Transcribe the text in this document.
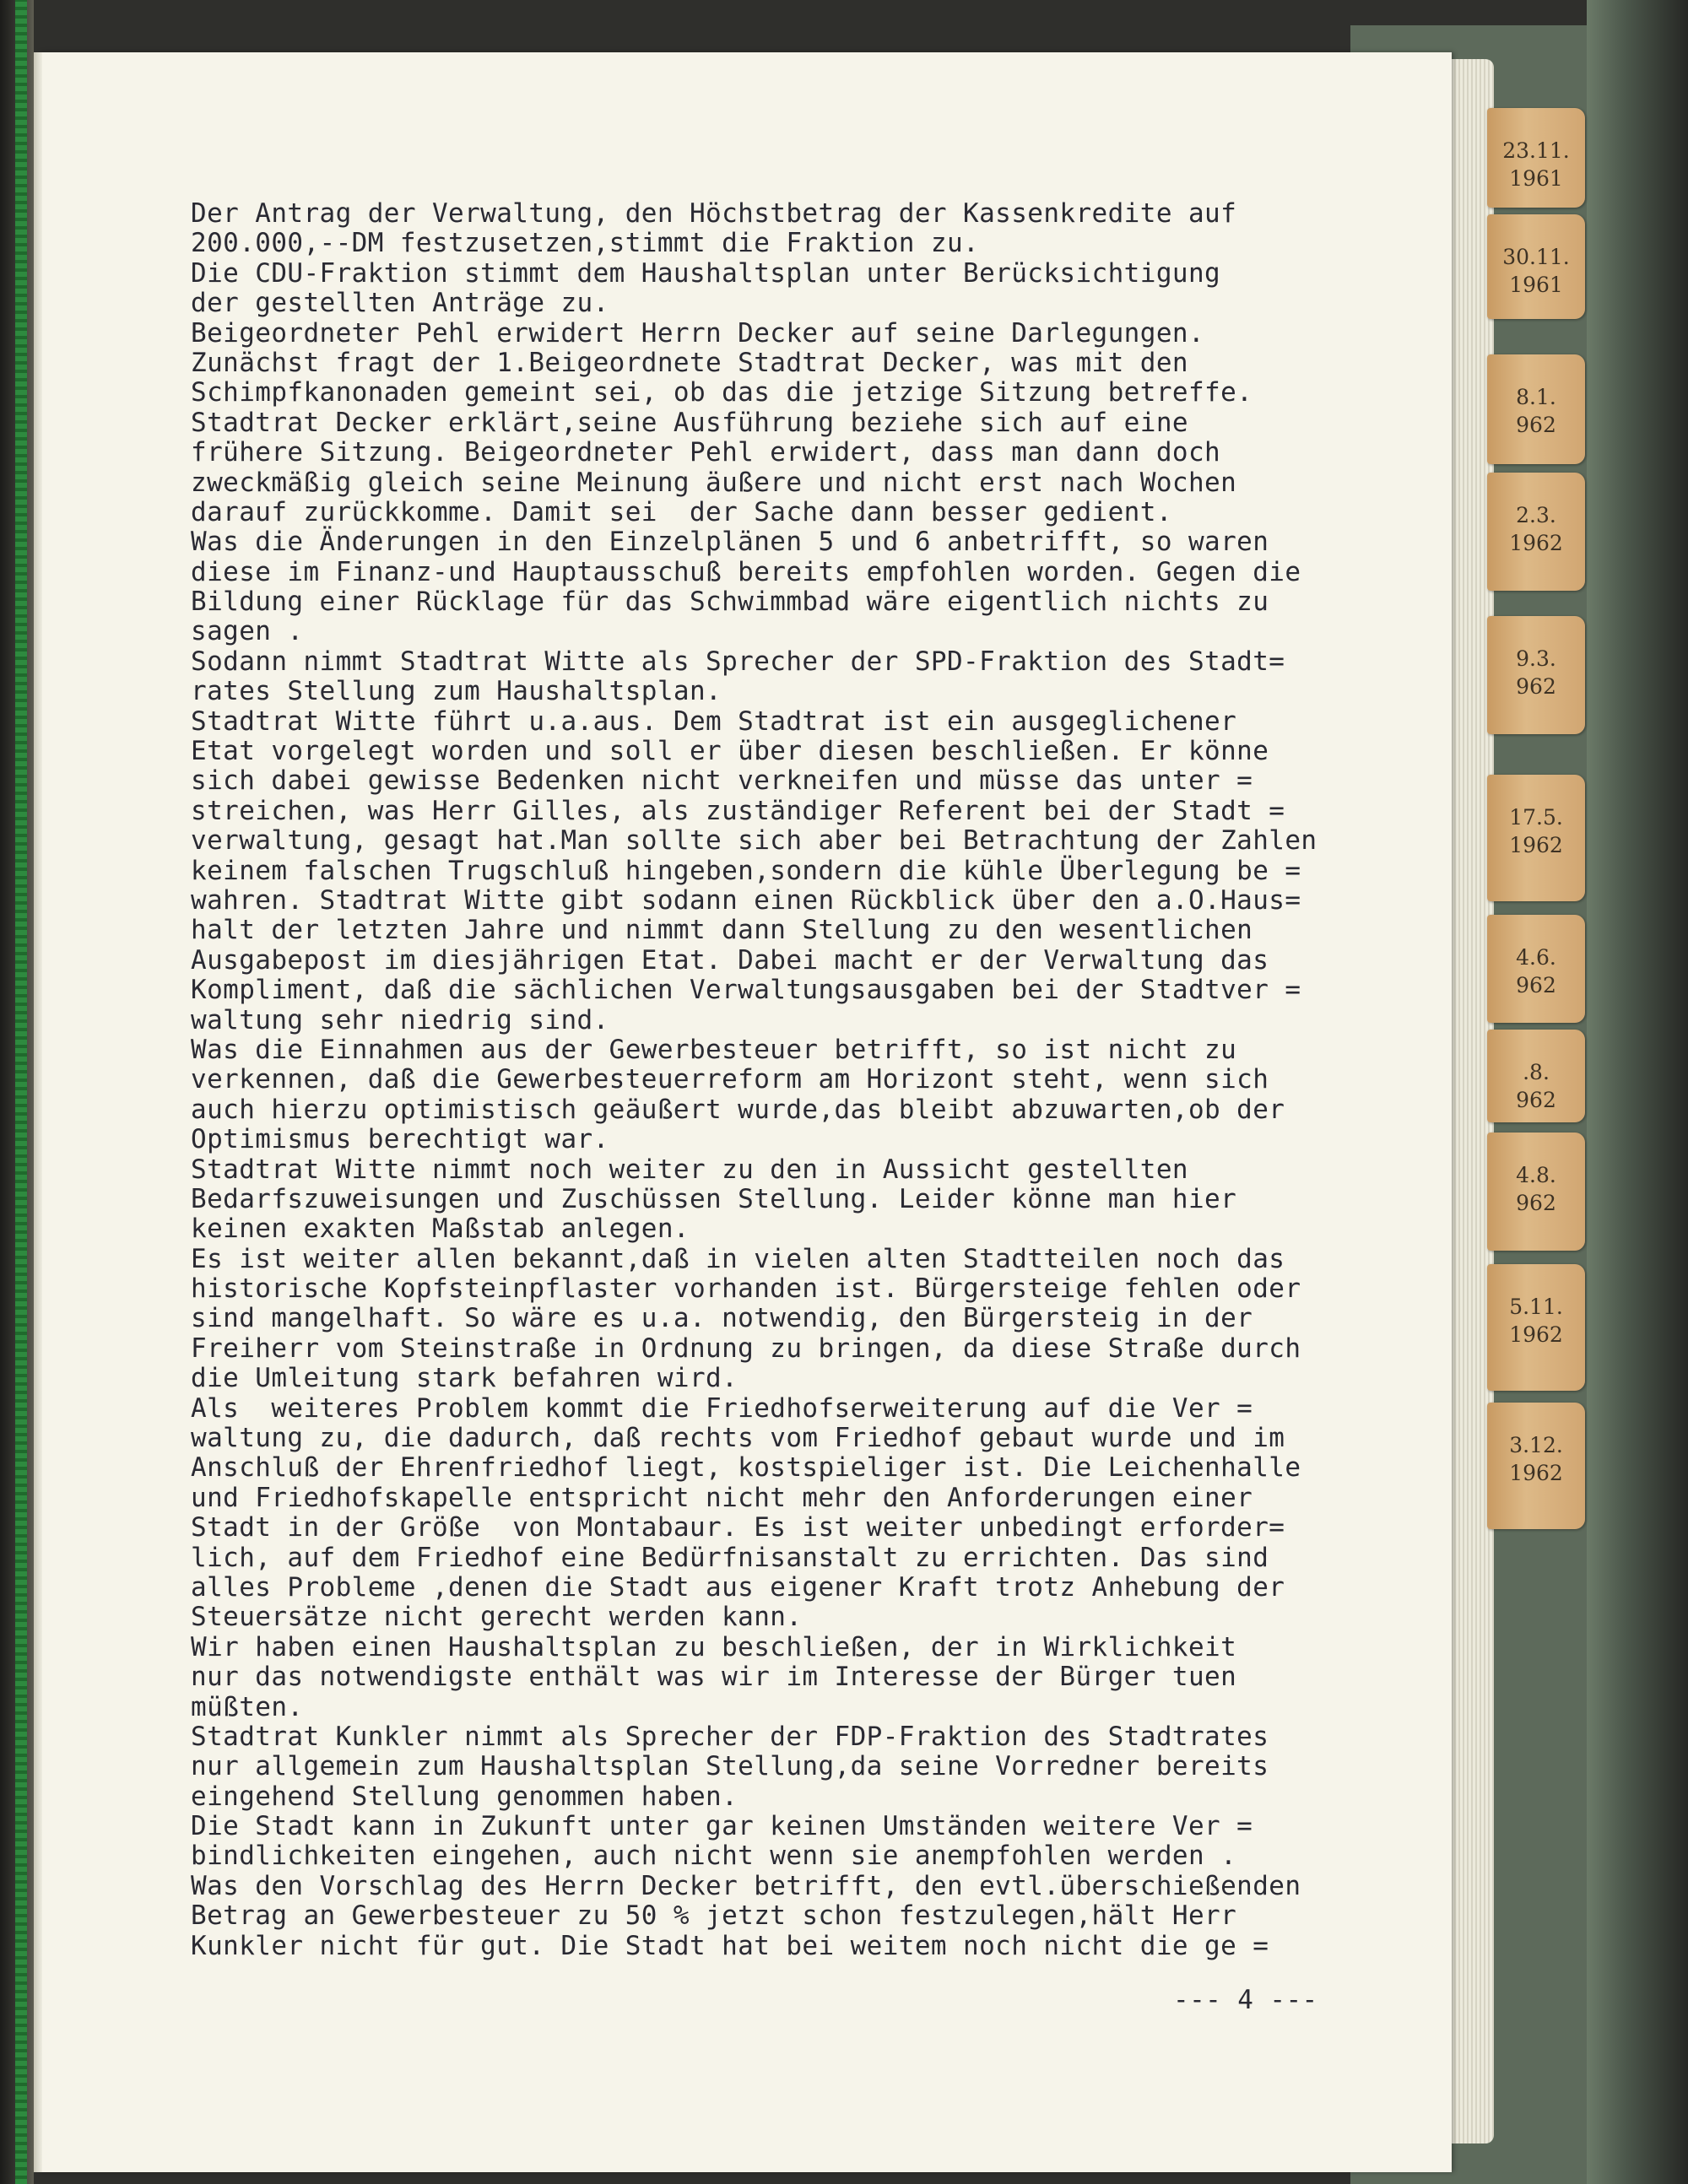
23.11.
1961
30.11.
1961
8.1.
962
2.3.
1962
9.3.
962
17.5.
1962
4.6.
962
.8.
962
4.8.
962
5.11.
1962
3.12.
1962
Der Antrag der Verwaltung, den Höchstbetrag der Kassenkredite auf
200.000,--DM festzusetzen,stimmt die Fraktion zu.
Die CDU-Fraktion stimmt dem Haushaltsplan unter Berücksichtigung
der gestellten Anträge zu.
Beigeordneter Pehl erwidert Herrn Decker auf seine Darlegungen.
Zunächst fragt der 1.Beigeordnete Stadtrat Decker, was mit den
Schimpfkanonaden gemeint sei, ob das die jetzige Sitzung betreffe.
Stadtrat Decker erklärt,seine Ausführung beziehe sich auf eine
frühere Sitzung. Beigeordneter Pehl erwidert, dass man dann doch
zweckmäßig gleich seine Meinung äußere und nicht erst nach Wochen
darauf zurückkomme. Damit sei  der Sache dann besser gedient.
Was die Änderungen in den Einzelplänen 5 und 6 anbetrifft, so waren
diese im Finanz-und Hauptausschuß bereits empfohlen worden. Gegen die
Bildung einer Rücklage für das Schwimmbad wäre eigentlich nichts zu
sagen .
Sodann nimmt Stadtrat Witte als Sprecher der SPD-Fraktion des Stadt=
rates Stellung zum Haushaltsplan.
Stadtrat Witte führt u.a.aus. Dem Stadtrat ist ein ausgeglichener
Etat vorgelegt worden und soll er über diesen beschließen. Er könne
sich dabei gewisse Bedenken nicht verkneifen und müsse das unter =
streichen, was Herr Gilles, als zuständiger Referent bei der Stadt =
verwaltung, gesagt hat.Man sollte sich aber bei Betrachtung der Zahlen
keinem falschen Trugschluß hingeben,sondern die kühle Überlegung be =
wahren. Stadtrat Witte gibt sodann einen Rückblick über den a.O.Haus=
halt der letzten Jahre und nimmt dann Stellung zu den wesentlichen
Ausgabepost im diesjährigen Etat. Dabei macht er der Verwaltung das
Kompliment, daß die sächlichen Verwaltungsausgaben bei der Stadtver =
waltung sehr niedrig sind.
Was die Einnahmen aus der Gewerbesteuer betrifft, so ist nicht zu
verkennen, daß die Gewerbesteuerreform am Horizont steht, wenn sich
auch hierzu optimistisch geäußert wurde,das bleibt abzuwarten,ob der
Optimismus berechtigt war.
Stadtrat Witte nimmt noch weiter zu den in Aussicht gestellten
Bedarfszuweisungen und Zuschüssen Stellung. Leider könne man hier
keinen exakten Maßstab anlegen.
Es ist weiter allen bekannt,daß in vielen alten Stadtteilen noch das
historische Kopfsteinpflaster vorhanden ist. Bürgersteige fehlen oder
sind mangelhaft. So wäre es u.a. notwendig, den Bürgersteig in der
Freiherr vom Steinstraße in Ordnung zu bringen, da diese Straße durch
die Umleitung stark befahren wird.
Als  weiteres Problem kommt die Friedhofserweiterung auf die Ver =
waltung zu, die dadurch, daß rechts vom Friedhof gebaut wurde und im
Anschluß der Ehrenfriedhof liegt, kostspieliger ist. Die Leichenhalle
und Friedhofskapelle entspricht nicht mehr den Anforderungen einer
Stadt in der Größe  von Montabaur. Es ist weiter unbedingt erforder=
lich, auf dem Friedhof eine Bedürfnisanstalt zu errichten. Das sind
alles Probleme ,denen die Stadt aus eigener Kraft trotz Anhebung der
Steuersätze nicht gerecht werden kann.
Wir haben einen Haushaltsplan zu beschließen, der in Wirklichkeit
nur das notwendigste enthält was wir im Interesse der Bürger tuen
müßten.
Stadtrat Kunkler nimmt als Sprecher der FDP-Fraktion des Stadtrates
nur allgemein zum Haushaltsplan Stellung,da seine Vorredner bereits
eingehend Stellung genommen haben.
Die Stadt kann in Zukunft unter gar keinen Umständen weitere Ver =
bindlichkeiten eingehen, auch nicht wenn sie anempfohlen werden .
Was den Vorschlag des Herrn Decker betrifft, den evtl.überschießenden
Betrag an Gewerbesteuer zu 50 % jetzt schon festzulegen,hält Herr
Kunkler nicht für gut. Die Stadt hat bei weitem noch nicht die ge =
--- 4 ---
